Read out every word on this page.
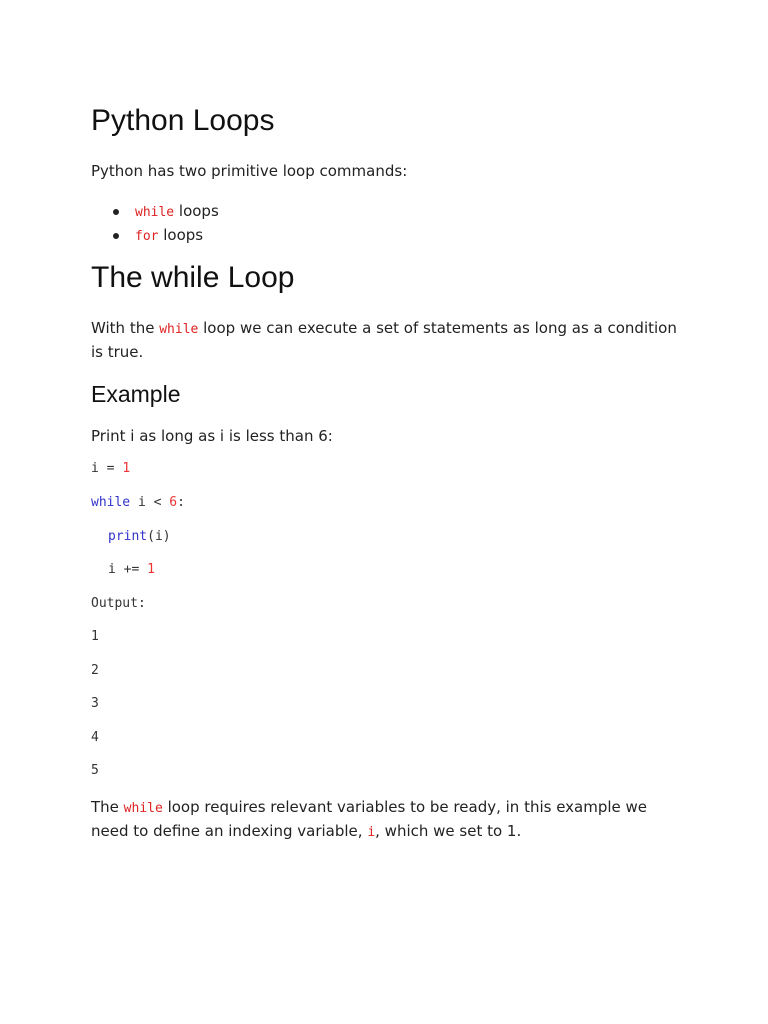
Python Loops

Python has two primitive loop commands:

while loops
for loops
The while Loop

With the while loop we can execute a set of statements as long as a condition is true.

Example

Print i as long as i is less than 6:

i = 1
while i < 6:
print(i)
i += 1
Output:
1
2
3
4
5

The while loop requires relevant variables to be ready, in this example we need to define an indexing variable, i, which we set to 1.
